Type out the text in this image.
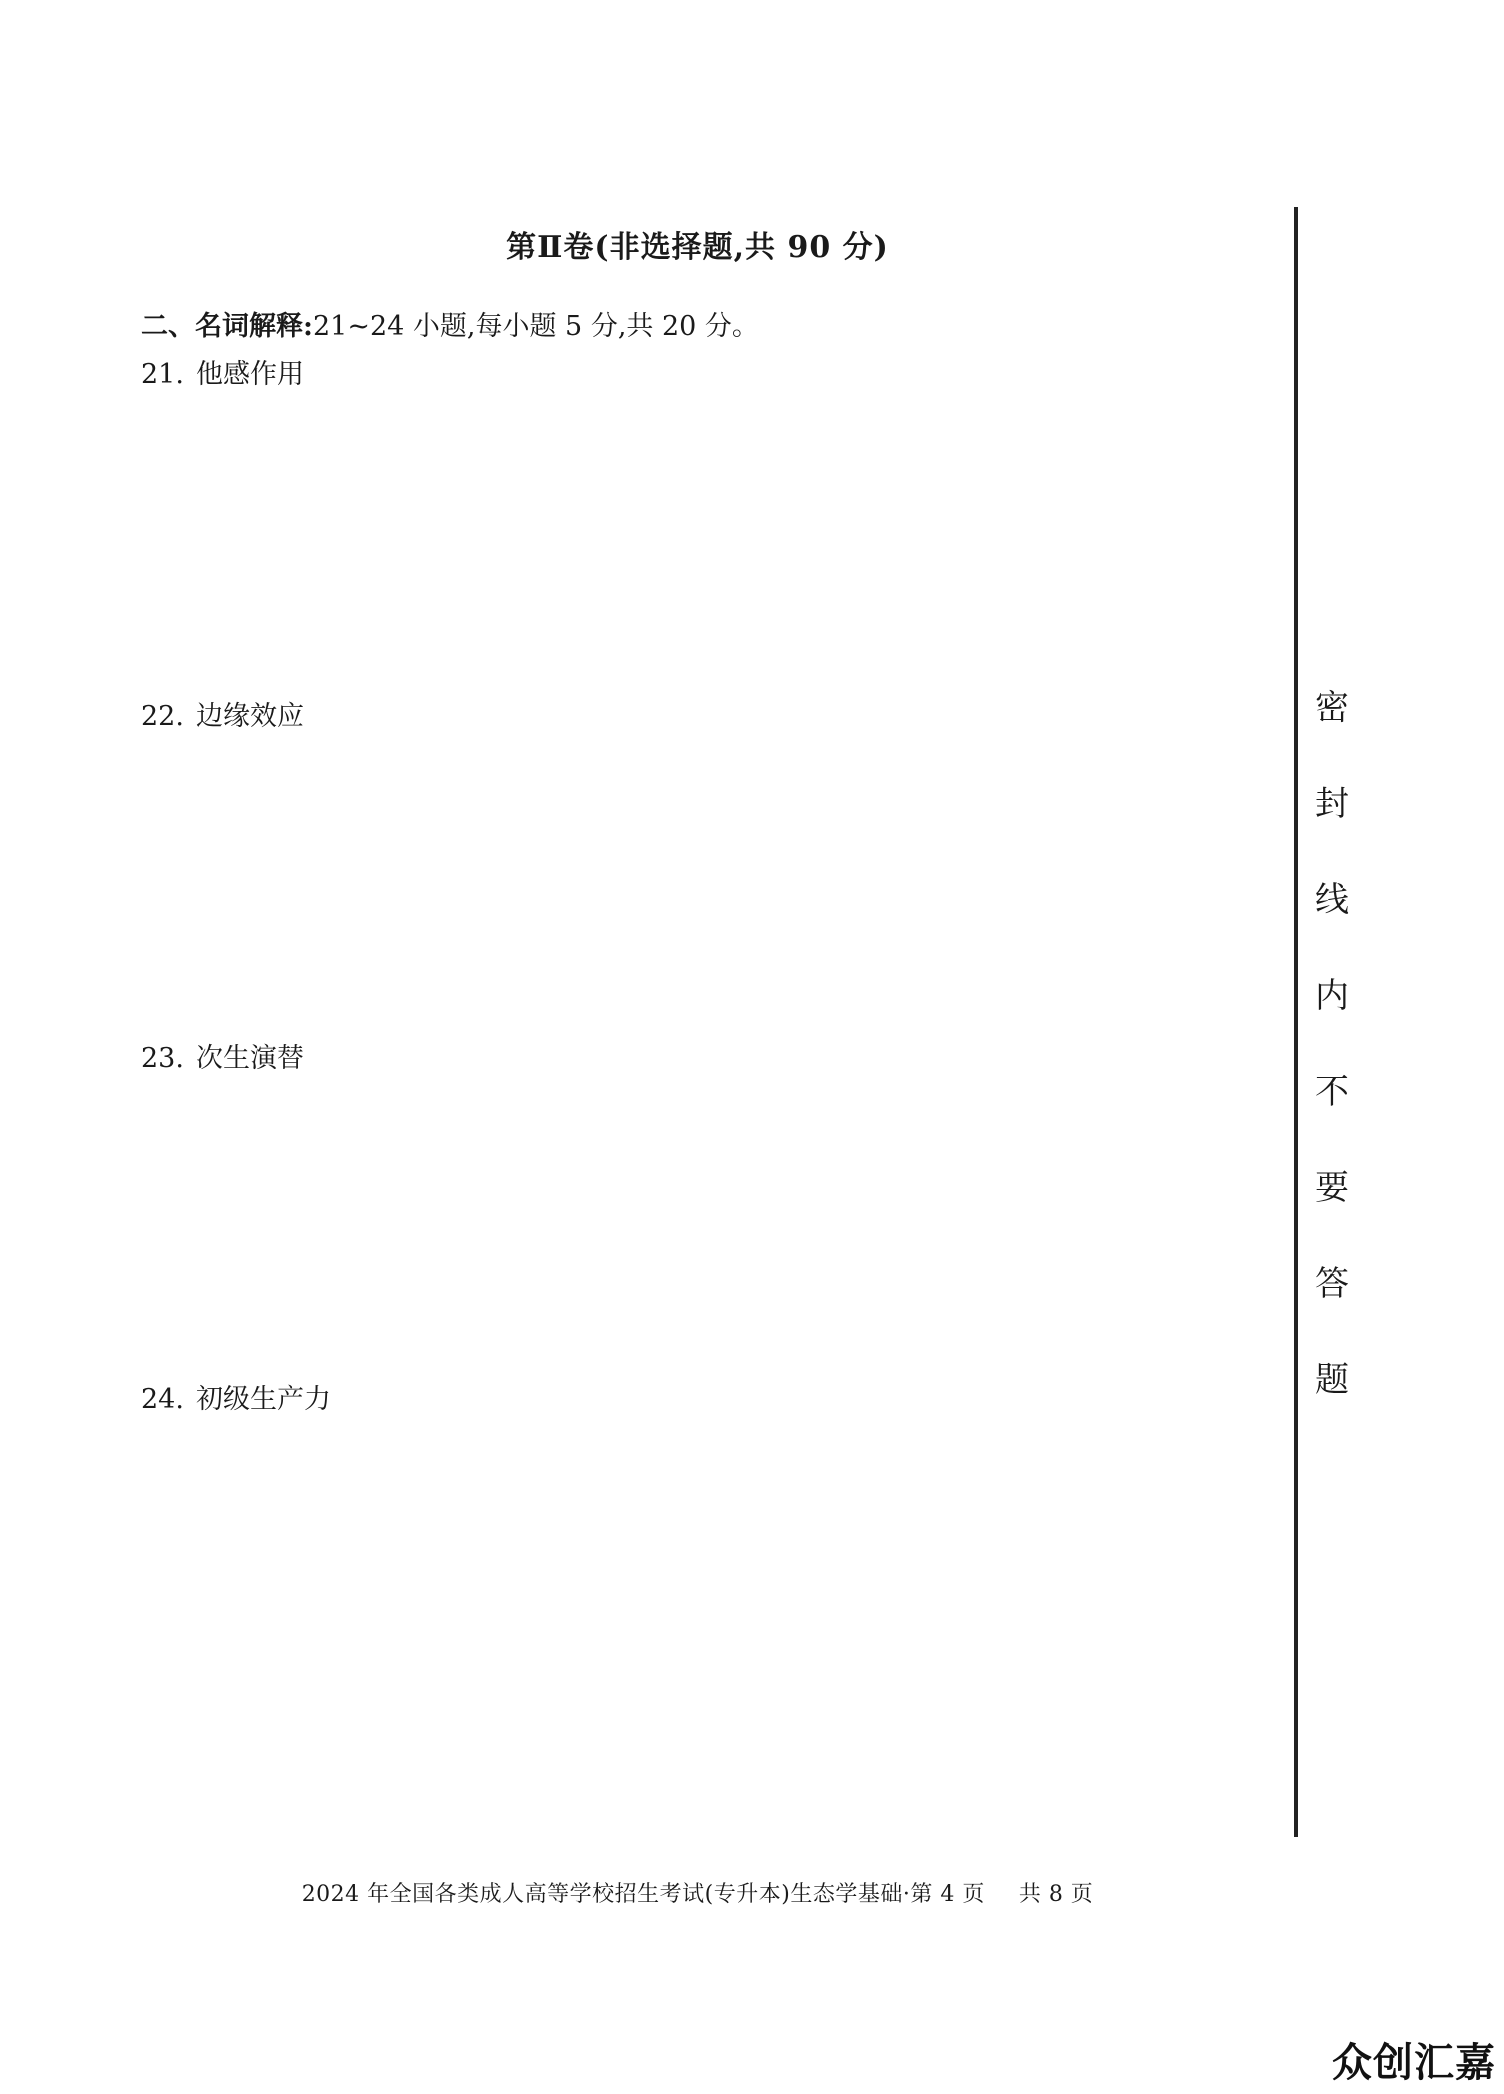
第Ⅱ卷(非选择题,共 90 分)
二、名词解释:21~24 小题,每小题 5 分,共 20 分。
21. 他感作用
22. 边缘效应
23. 次生演替
24. 初级生产力
密
封
线
内
不
要
答
题
2024 年全国各类成人高等学校招生考试(专升本)生态学基础·第 4 页 共 8 页
众创汇嘉
